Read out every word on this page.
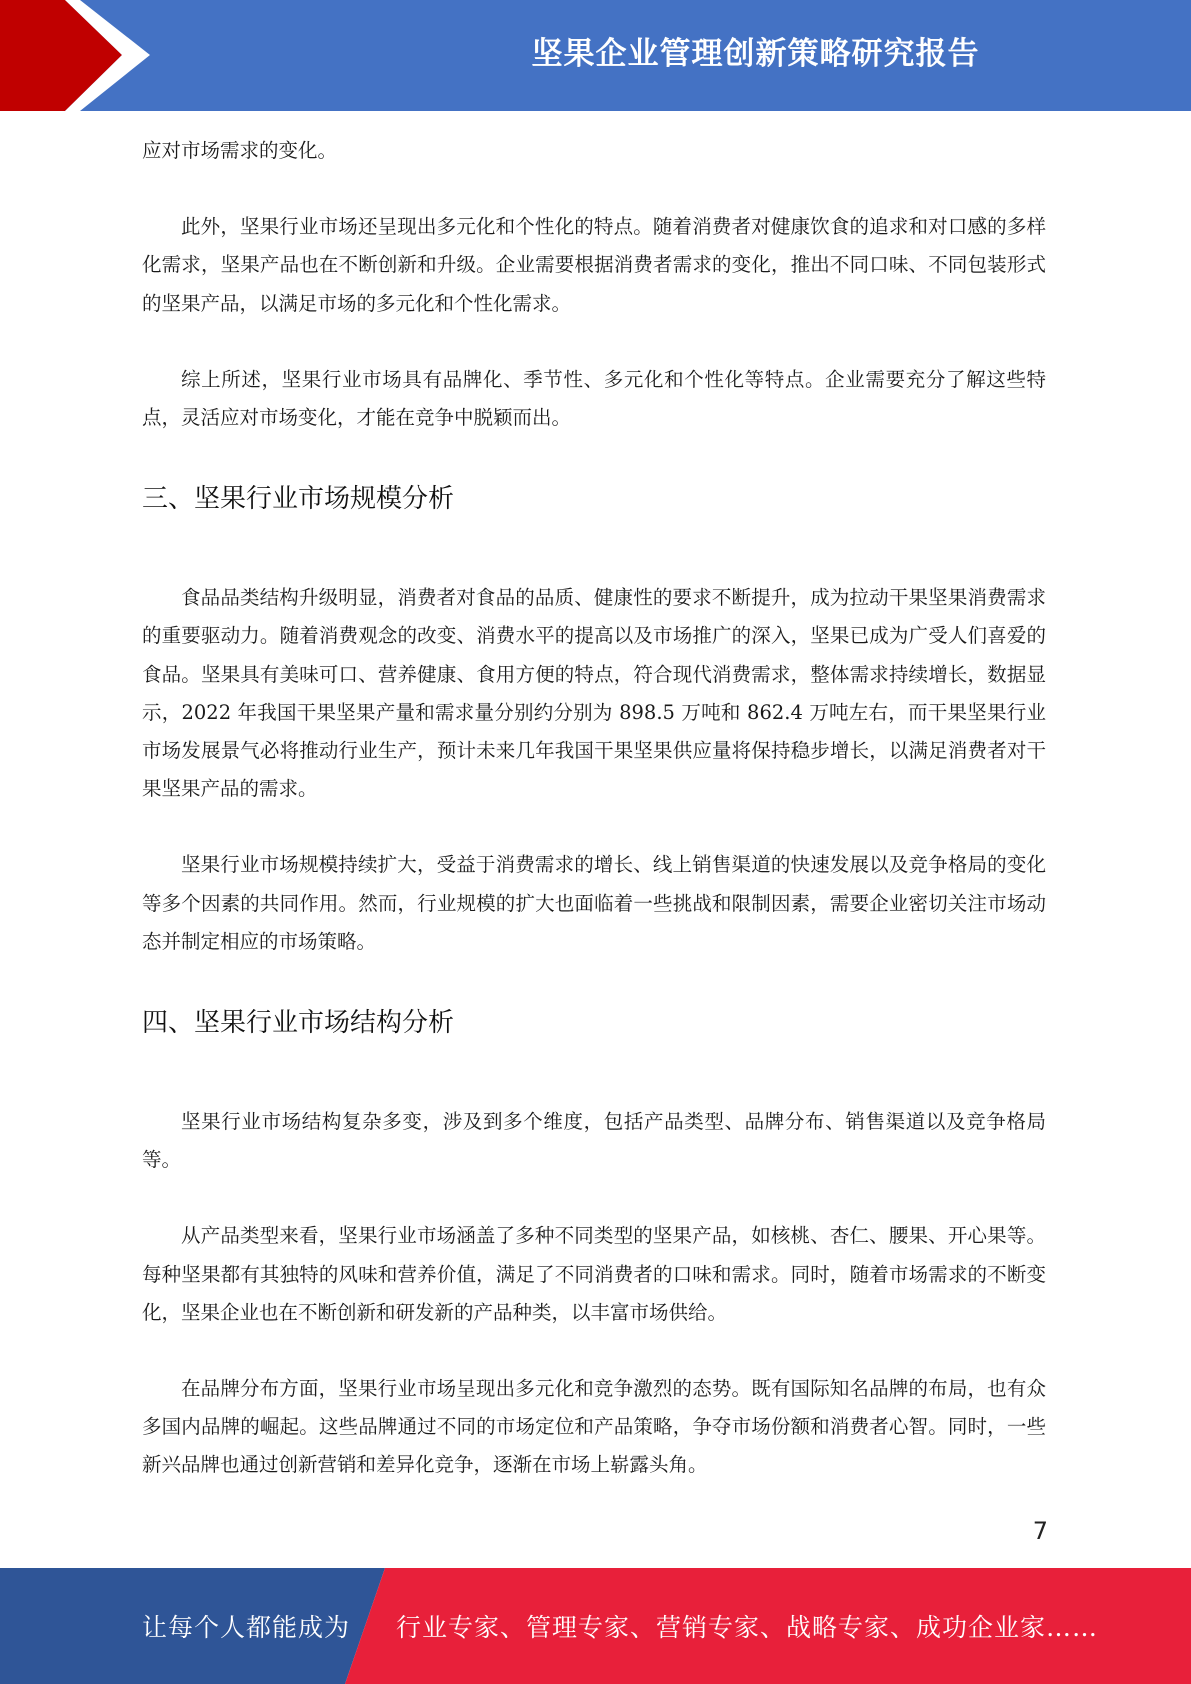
坚果企业管理创新策略研究报告

应对市场需求的变化。

此外，坚果行业市场还呈现出多元化和个性化的特点。随着消费者对健康饮食的追求和对口感的多样化需求，坚果产品也在不断创新和升级。企业需要根据消费者需求的变化，推出不同口味、不同包装形式的坚果产品，以满足市场的多元化和个性化需求。

综上所述，坚果行业市场具有品牌化、季节性、多元化和个性化等特点。企业需要充分了解这些特点，灵活应对市场变化，才能在竞争中脱颖而出。

三、坚果行业市场规模分析

食品品类结构升级明显，消费者对食品的品质、健康性的要求不断提升，成为拉动干果坚果消费需求的重要驱动力。随着消费观念的改变、消费水平的提高以及市场推广的深入，坚果已成为广受人们喜爱的食品。坚果具有美味可口、营养健康、食用方便的特点，符合现代消费需求，整体需求持续增长，数据显示，2022 年我国干果坚果产量和需求量分别约分别为 898.5 万吨和 862.4 万吨左右，而干果坚果行业市场发展景气必将推动行业生产，预计未来几年我国干果坚果供应量将保持稳步增长，以满足消费者对干果坚果产品的需求。

坚果行业市场规模持续扩大，受益于消费需求的增长、线上销售渠道的快速发展以及竞争格局的变化等多个因素的共同作用。然而，行业规模的扩大也面临着一些挑战和限制因素，需要企业密切关注市场动态并制定相应的市场策略。

四、坚果行业市场结构分析

坚果行业市场结构复杂多变，涉及到多个维度，包括产品类型、品牌分布、销售渠道以及竞争格局等。

从产品类型来看，坚果行业市场涵盖了多种不同类型的坚果产品，如核桃、杏仁、腰果、开心果等。每种坚果都有其独特的风味和营养价值，满足了不同消费者的口味和需求。同时，随着市场需求的不断变化，坚果企业也在不断创新和研发新的产品种类，以丰富市场供给。

在品牌分布方面，坚果行业市场呈现出多元化和竞争激烈的态势。既有国际知名品牌的布局，也有众多国内品牌的崛起。这些品牌通过不同的市场定位和产品策略，争夺市场份额和消费者心智。同时，一些新兴品牌也通过创新营销和差异化竞争，逐渐在市场上崭露头角。

7
让每个人都能成为 行业专家、管理专家、营销专家、战略专家、成功企业家……
